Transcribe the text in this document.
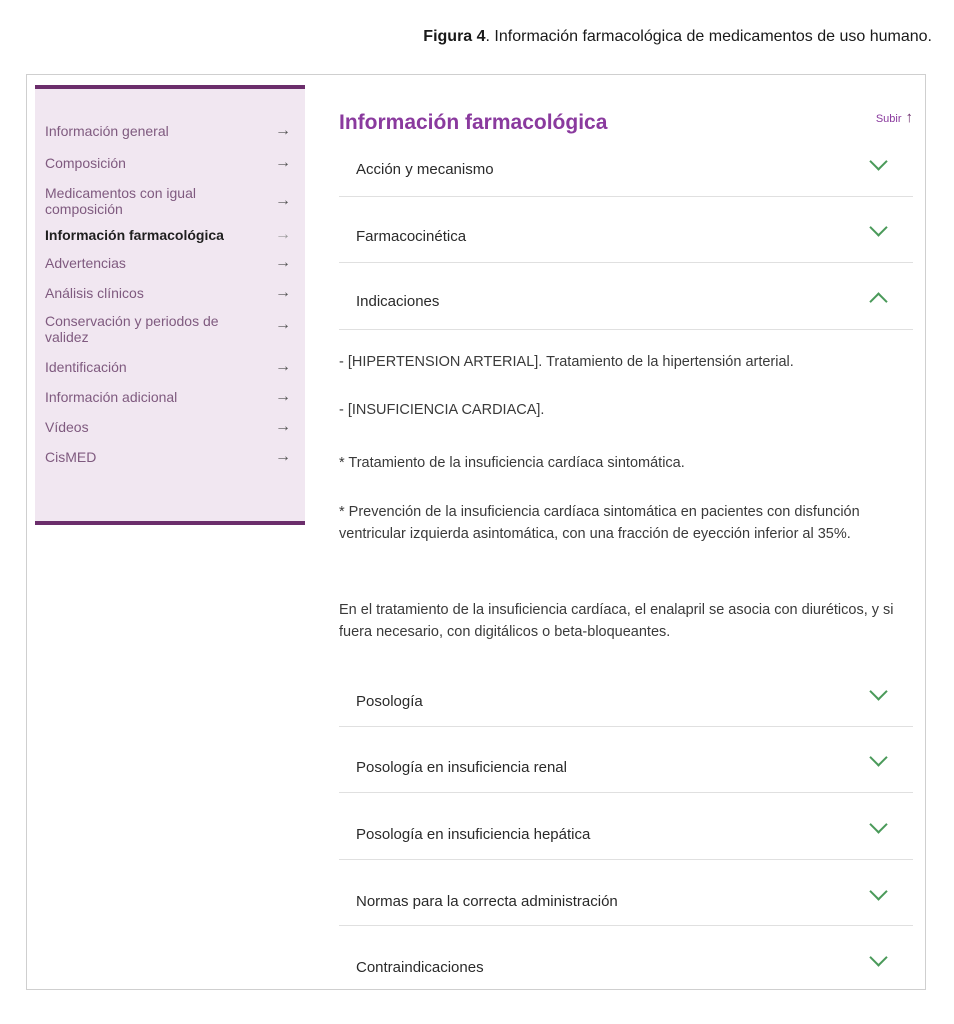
Figura 4. Información farmacológica de medicamentos de uso humano.
Información general	→
Composición	→
Medicamentos con igual composición	→
Información farmacológica	→
Advertencias	→
Análisis clínicos	→
Conservación y periodos de validez
→
Identificación	→
Información adicional	→
Vídeos	→
CisMED	→
Información farmacológica	Subir ↑
Acción y mecanismo
Farmacocinética
Indicaciones
- [HIPERTENSION ARTERIAL]. Tratamiento de la hipertensión arterial.
- [INSUFICIENCIA CARDIACA].
* Tratamiento de la insuficiencia cardíaca sintomática.
* Prevención de la insuficiencia cardíaca sintomática en pacientes con disfunción ventricular izquierda asintomática, con una fracción de eyección inferior al 35%.
En el tratamiento de la insuficiencia cardíaca, el enalapril se asocia con diuréticos, y si fuera necesario, con digitálicos o beta-bloqueantes.
Posología
Posología en insuficiencia renal
Posología en insuficiencia hepática
Normas para la correcta administración
Contraindicaciones
